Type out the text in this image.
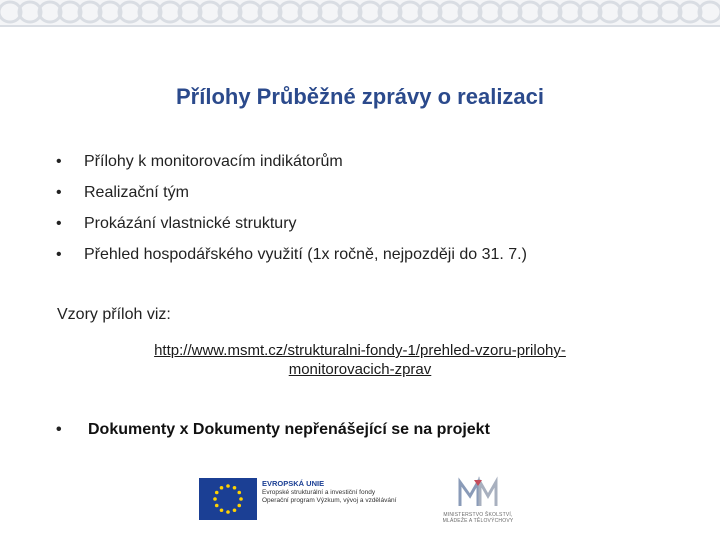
Přílohy Průběžné zprávy o realizaci
•	Přílohy k monitorovacím indikátorům
•	Realizační tým
•	Prokázání vlastnické struktury
•	Přehled hospodářského využití (1x ročně, nejpozději do 31. 7.)
Vzory příloh viz:
http://www.msmt.cz/strukturalni-fondy-1/prehled-vzoru-prilohy-
monitorovacich-zprav
•	Dokumenty x Dokumenty nepřenášející se na projekt
EVROPSKÁ UNIE
Evropské strukturální a investiční fondy
Operační program Výzkum, vývoj a vzdělávání
MINISTERSTVO ŠKOLSTVÍ,
MLÁDEŽE A TĚLOVÝCHOVY
